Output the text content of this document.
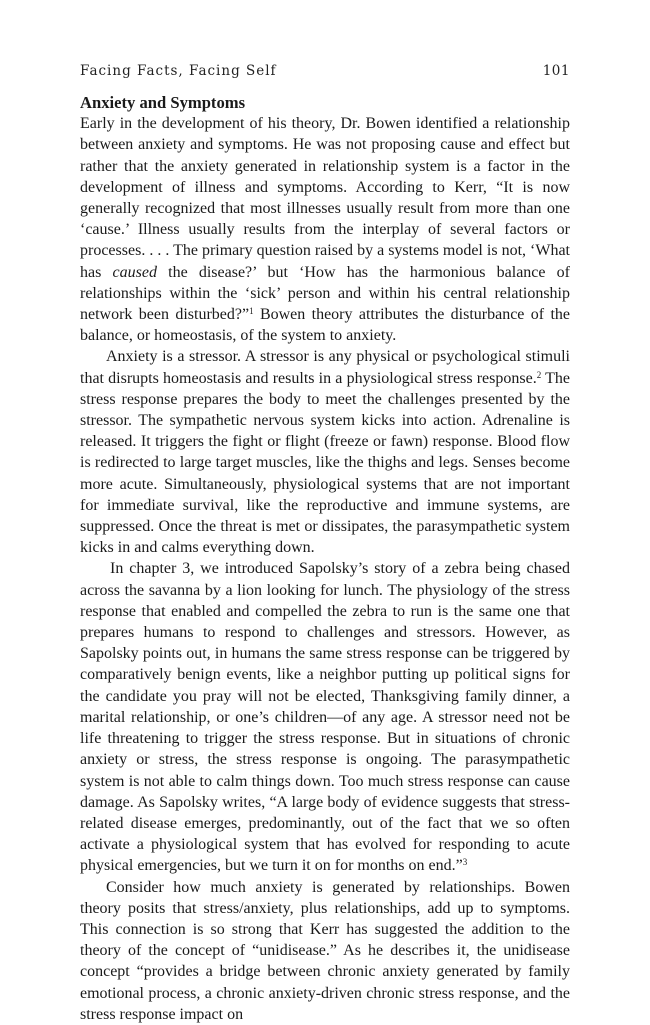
Facing Facts, Facing Self	101
Anxiety and Symptoms

Early in the development of his theory, Dr. Bowen identified a relationship between anxiety and symptoms. He was not proposing cause and effect but rather that the anxiety generated in relationship system is a factor in the development of illness and symptoms. According to Kerr, “It is now generally recognized that most illnesses usually result from more than one ‘cause.’ Illness usually results from the interplay of several factors or processes. . . . The primary question raised by a systems model is not, ‘What has caused the disease?’ but ‘How has the harmonious balance of relationships within the ‘sick’ person and within his central relationship network been disturbed?”$^1$ Bowen theory attributes the disturbance of the balance, or homeostasis, of the system to anxiety.

Anxiety is a stressor. A stressor is any physical or psychological stimuli that disrupts homeostasis and results in a physiological stress response.$^2$ The stress response prepares the body to meet the challenges presented by the stressor. The sympathetic nervous system kicks into action. Adrenaline is released. It triggers the fight or flight (freeze or fawn) response. Blood flow is redirected to large target muscles, like the thighs and legs. Senses become more acute. Simultaneously, physiological systems that are not important for immediate survival, like the reproductive and immune systems, are suppressed. Once the threat is met or dissipates, the parasympathetic system kicks in and calms everything down.

In chapter 3, we introduced Sapolsky’s story of a zebra being chased across the savanna by a lion looking for lunch. The physiology of the stress response that enabled and compelled the zebra to run is the same one that prepares humans to respond to challenges and stressors. However, as Sapolsky points out, in humans the same stress response can be triggered by comparatively benign events, like a neighbor putting up political signs for the candidate you pray will not be elected, Thanksgiving family dinner, a marital relationship, or one’s children—of any age. A stressor need not be life threatening to trigger the stress response. But in situations of chronic anxiety or stress, the stress response is ongoing. The parasympathetic system is not able to calm things down. Too much stress response can cause damage. As Sapolsky writes, “A large body of evidence suggests that stress-related disease emerges, predominantly, out of the fact that we so often activate a physiological system that has evolved for responding to acute physical emergencies, but we turn it on for months on end.”$^3$

Consider how much anxiety is generated by relationships. Bowen theory posits that stress/anxiety, plus relationships, add up to symptoms. This connection is so strong that Kerr has suggested the addition to the theory of the concept of “unidisease.” As he describes it, the unidisease concept “provides a bridge between chronic anxiety generated by family emotional process, a chronic anxiety-driven chronic stress response, and the stress response impact on
